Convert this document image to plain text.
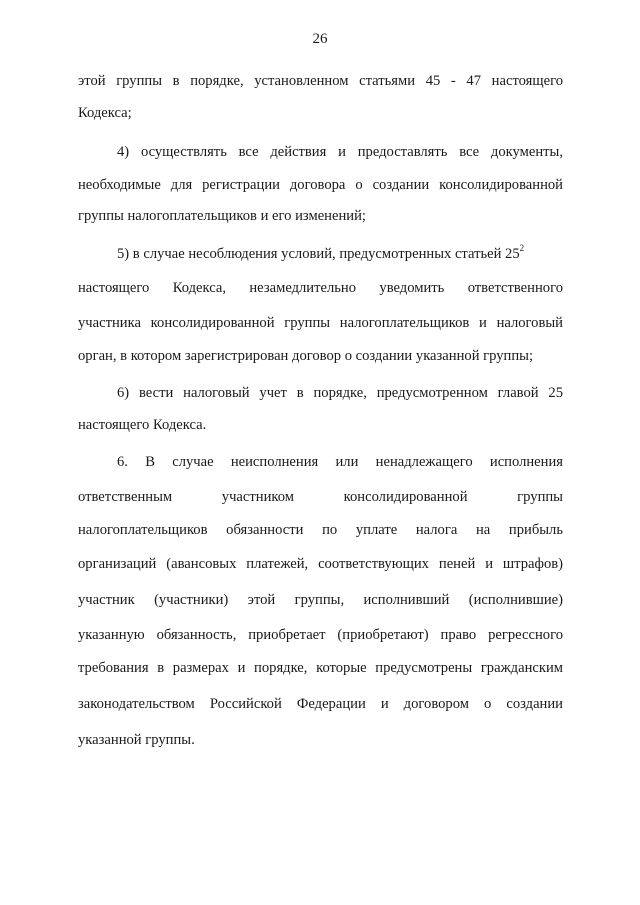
26
этой группы в порядке, установленном статьями 45 - 47 настоящего
Кодекса;
4) осуществлять все действия и предоставлять все документы,
необходимые для регистрации договора о создании консолидированной
группы налогоплательщиков и его изменений;
5) в случае несоблюдения условий, предусмотренных статьей $25^2$
настоящего Кодекса, незамедлительно уведомить ответственного
участника консолидированной группы налогоплательщиков и налоговый
орган, в котором зарегистрирован договор о создании указанной группы;
6) вести налоговый учет в порядке, предусмотренном главой 25
настоящего Кодекса.
6. В случае неисполнения или ненадлежащего исполнения
ответственным участником консолидированной группы
налогоплательщиков обязанности по уплате налога на прибыль
организаций (авансовых платежей, соответствующих пеней и штрафов)
участник (участники) этой группы, исполнивший (исполнившие)
указанную обязанность, приобретает (приобретают) право регрессного
требования в размерах и порядке, которые предусмотрены гражданским
законодательством Российской Федерации и договором о создании
указанной группы.
